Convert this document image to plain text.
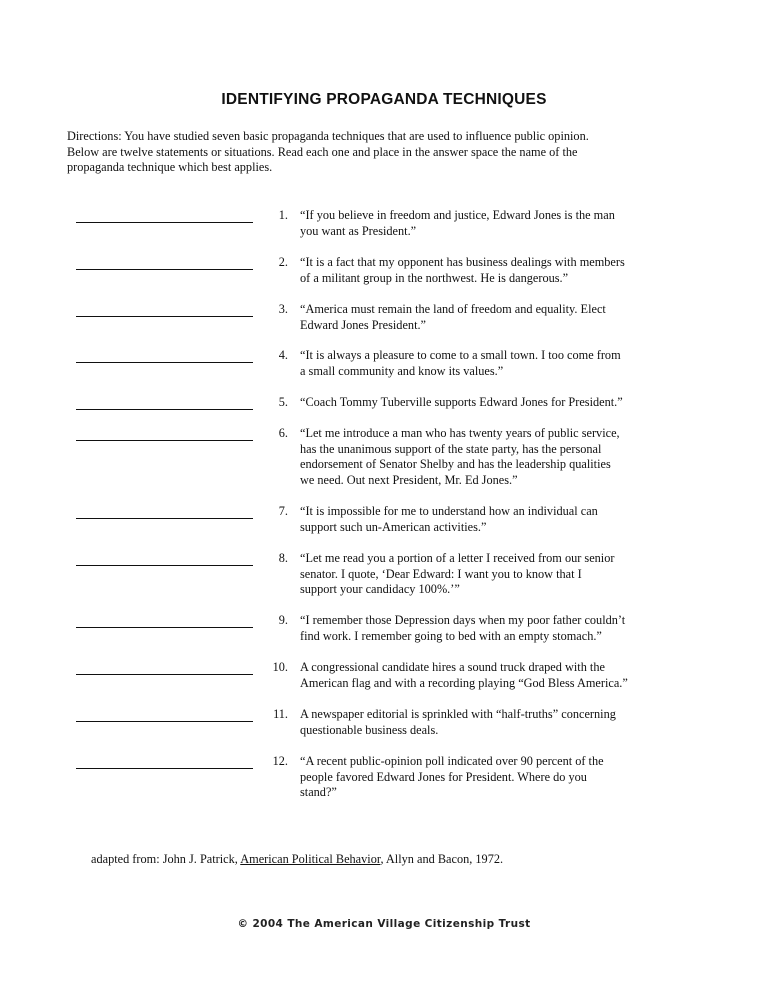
IDENTIFYING PROPAGANDA TECHNIQUES

Directions: You have studied seven basic propaganda techniques that are used to influence public opinion.

Below are twelve statements or situations. Read each one and place in the answer space the name of the

propaganda technique which best applies.

1. “If you believe in freedom and justice, Edward Jones is the man
you want as President.”
2. “It is a fact that my opponent has business dealings with members
of a militant group in the northwest. He is dangerous.”
3. “America must remain the land of freedom and equality. Elect
Edward Jones President.”
4. “It is always a pleasure to come to a small town. I too come from
a small community and know its values.”
5. “Coach Tommy Tuberville supports Edward Jones for President.”
6. “Let me introduce a man who has twenty years of public service,
has the unanimous support of the state party, has the personal
endorsement of Senator Shelby and has the leadership qualities
we need. Out next President, Mr. Ed Jones.”
7. “It is impossible for me to understand how an individual can
support such un-American activities.”
8. “Let me read you a portion of a letter I received from our senior
senator. I quote, ‘Dear Edward: I want you to know that I
support your candidacy 100%.’”
9. “I remember those Depression days when my poor father couldn’t
find work. I remember going to bed with an empty stomach.”
10. A congressional candidate hires a sound truck draped with the
American flag and with a recording playing “God Bless America.”
11. A newspaper editorial is sprinkled with “half-truths” concerning
questionable business deals.
12. “A recent public-opinion poll indicated over 90 percent of the
people favored Edward Jones for President. Where do you
stand?”
adapted from: John J. Patrick, American Political Behavior, Allyn and Bacon, 1972.
© 2004 The American Village Citizenship Trust
